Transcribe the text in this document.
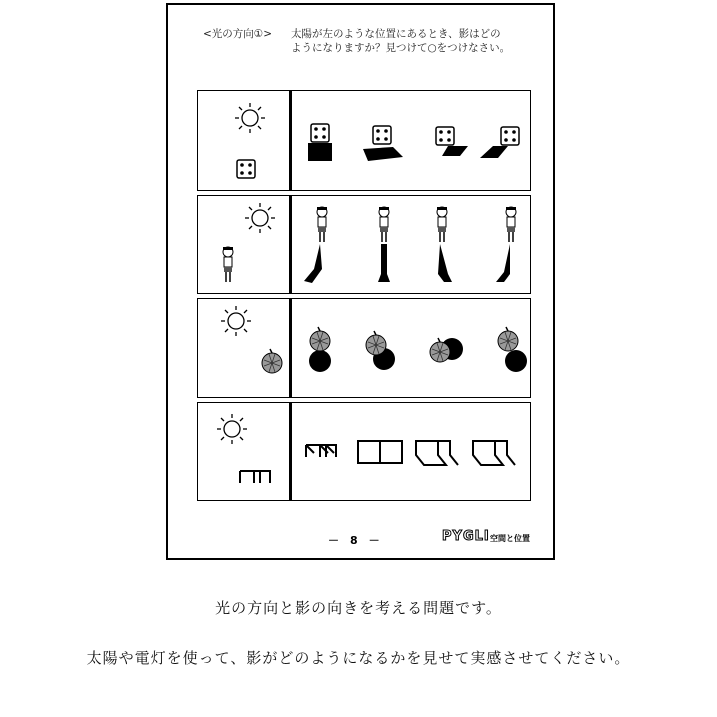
<光の方向①> 太陽が左のような位置にあるとき、影はどの
ようになりますか？見つけて○をつけなさい。
－　8　－	PYGLI 空間と位置
光の方向と影の向きを考える問題です。
太陽や電灯を使って、影がどのようになるかを見せて実感させてください。
